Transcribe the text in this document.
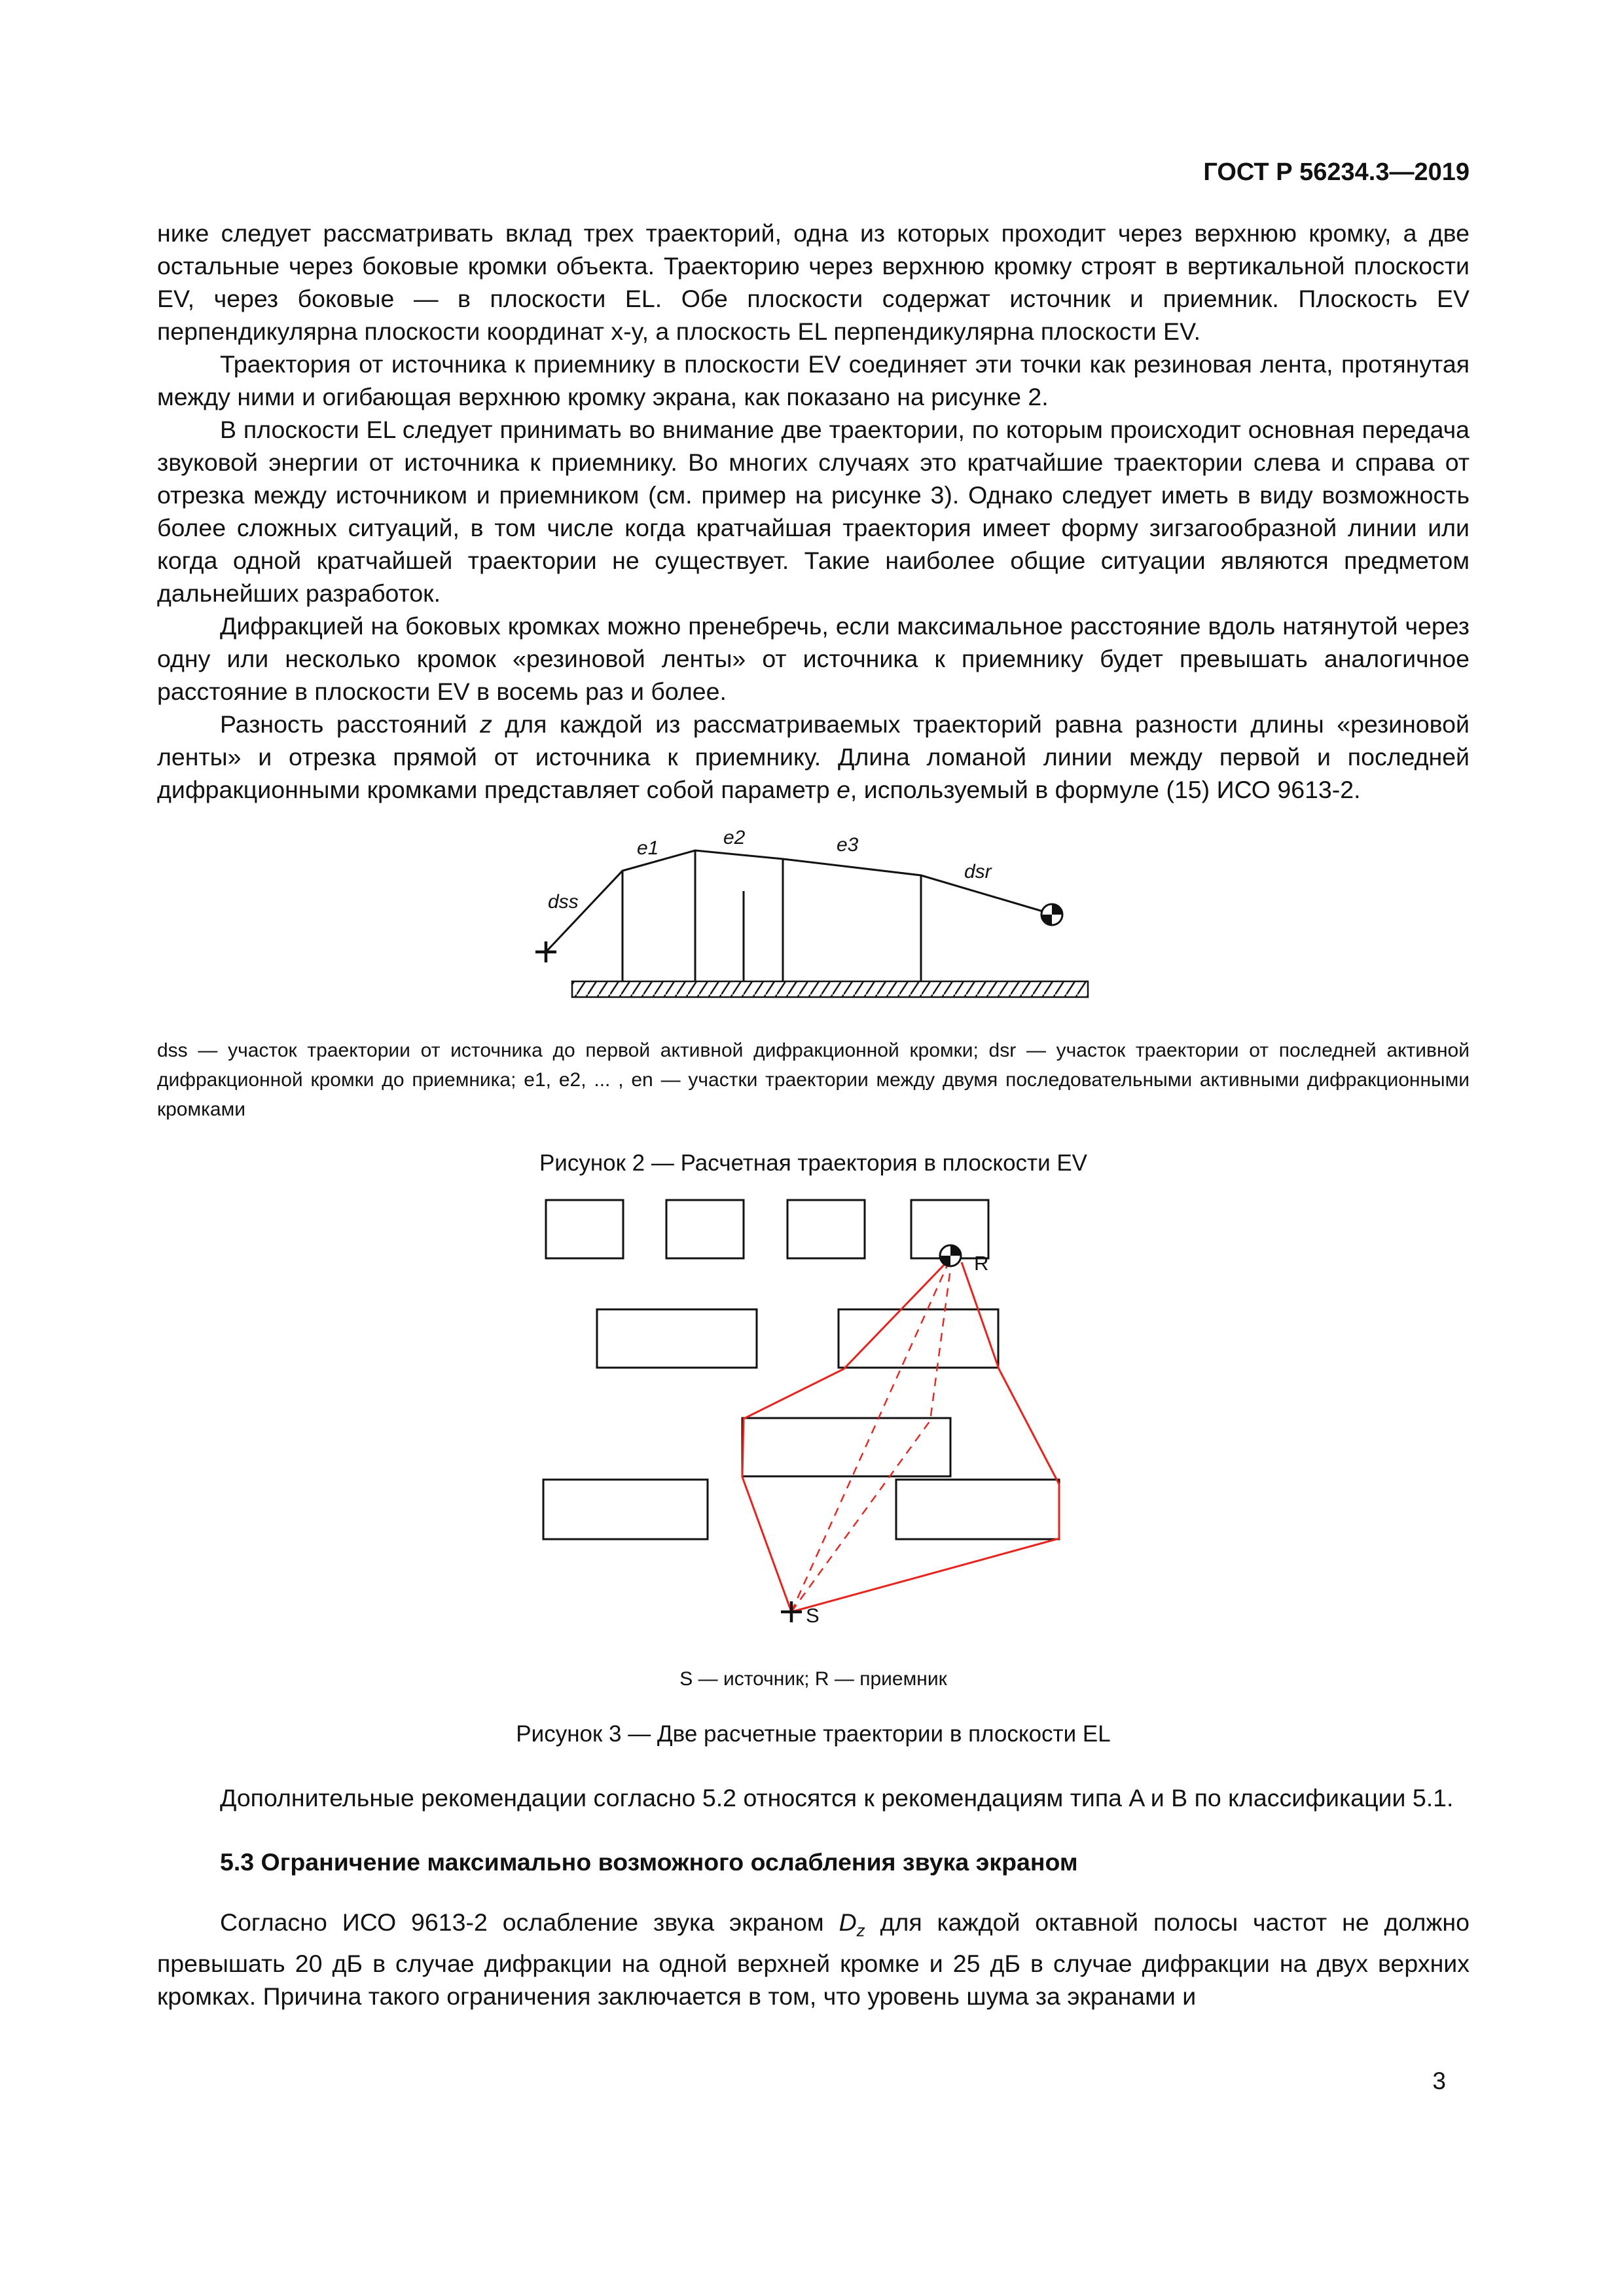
ГОСТ Р 56234.3—2019

нике следует рассматривать вклад трех траекторий, одна из которых проходит через верхнюю кромку, а две остальные через боковые кромки объекта. Траекторию через верхнюю кромку строят в вертикальной плоскости EV, через боковые — в плоскости EL. Обе плоскости содержат источник и приемник. Плоскость EV перпендикулярна плоскости координат x-y, а плоскость EL перпендикулярна плоскости EV.

Траектория от источника к приемнику в плоскости EV соединяет эти точки как резиновая лента, протянутая между ними и огибающая верхнюю кромку экрана, как показано на рисунке 2.

В плоскости EL следует принимать во внимание две траектории, по которым происходит основная передача звуковой энергии от источника к приемнику. Во многих случаях это кратчайшие траектории слева и справа от отрезка между источником и приемником (см. пример на рисунке 3). Однако следует иметь в виду возможность более сложных ситуаций, в том числе когда кратчайшая траектория имеет форму зигзагообразной линии или когда одной кратчайшей траектории не существует. Такие наиболее общие ситуации являются предметом дальнейших разработок.

Дифракцией на боковых кромках можно пренебречь, если максимальное расстояние вдоль натянутой через одну или несколько кромок «резиновой ленты» от источника к приемнику будет превышать аналогичное расстояние в плоскости EV в восемь раз и более.

Разность расстояний z для каждой из рассматриваемых траекторий равна разности длины «резиновой ленты» и отрезка прямой от источника к приемнику. Длина ломаной линии между первой и последней дифракционными кромками представляет собой параметр e, используемый в формуле (15) ИСО 9613-2.

dss
e1	e2	e3
dsr

dss — участок траектории от источника до первой активной дифракционной кромки; dsr — участок траектории от последней активной дифракционной кромки до приемника; e1, e2, ... , en — участки траектории между двумя последовательными активными дифракционными кромками

Рисунок 2 — Расчетная траектория в плоскости EV

R
S

S — источник; R — приемник

Рисунок 3 — Две расчетные траектории в плоскости EL

Дополнительные рекомендации согласно 5.2 относятся к рекомендациям типа A и B по классификации 5.1.

5.3 Ограничение максимально возможного ослабления звука экраном

Согласно ИСО 9613-2 ослабление звука экраном $D_z$ для каждой октавной полосы частот не должно превышать 20 дБ в случае дифракции на одной верхней кромке и 25 дБ в случае дифракции на двух верхних кромках. Причина такого ограничения заключается в том, что уровень шума за экранами и

3
